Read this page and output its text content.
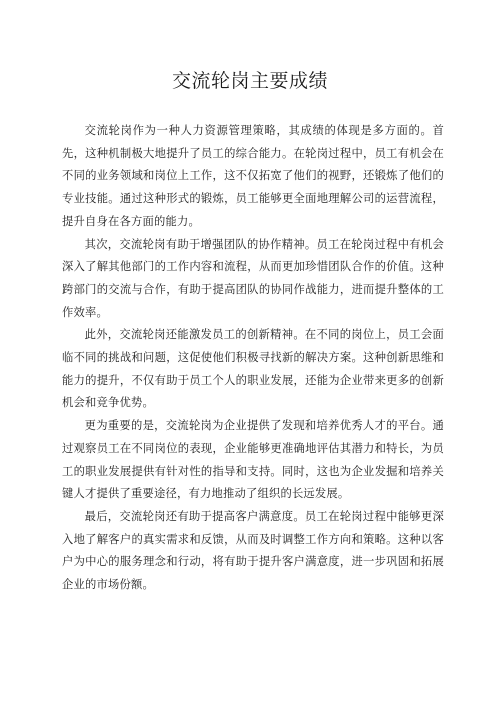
交流轮岗主要成绩

交流轮岗作为一种人力资源管理策略，其成绩的体现是多方面的。首先，这种机制极大地提升了员工的综合能力。在轮岗过程中，员工有机会在不同的业务领域和岗位上工作，这不仅拓宽了他们的视野，还锻炼了他们的专业技能。通过这种形式的锻炼，员工能够更全面地理解公司的运营流程，提升自身在各方面的能力。

其次，交流轮岗有助于增强团队的协作精神。员工在轮岗过程中有机会深入了解其他部门的工作内容和流程，从而更加珍惜团队合作的价值。这种跨部门的交流与合作，有助于提高团队的协同作战能力，进而提升整体的工作效率。

此外，交流轮岗还能激发员工的创新精神。在不同的岗位上，员工会面临不同的挑战和问题，这促使他们积极寻找新的解决方案。这种创新思维和能力的提升，不仅有助于员工个人的职业发展，还能为企业带来更多的创新机会和竞争优势。

更为重要的是，交流轮岗为企业提供了发现和培养优秀人才的平台。通过观察员工在不同岗位的表现，企业能够更准确地评估其潜力和特长，为员工的职业发展提供有针对性的指导和支持。同时，这也为企业发掘和培养关键人才提供了重要途径，有力地推动了组织的长远发展。

最后，交流轮岗还有助于提高客户满意度。员工在轮岗过程中能够更深入地了解客户的真实需求和反馈，从而及时调整工作方向和策略。这种以客户为中心的服务理念和行动，将有助于提升客户满意度，进一步巩固和拓展企业的市场份额。
